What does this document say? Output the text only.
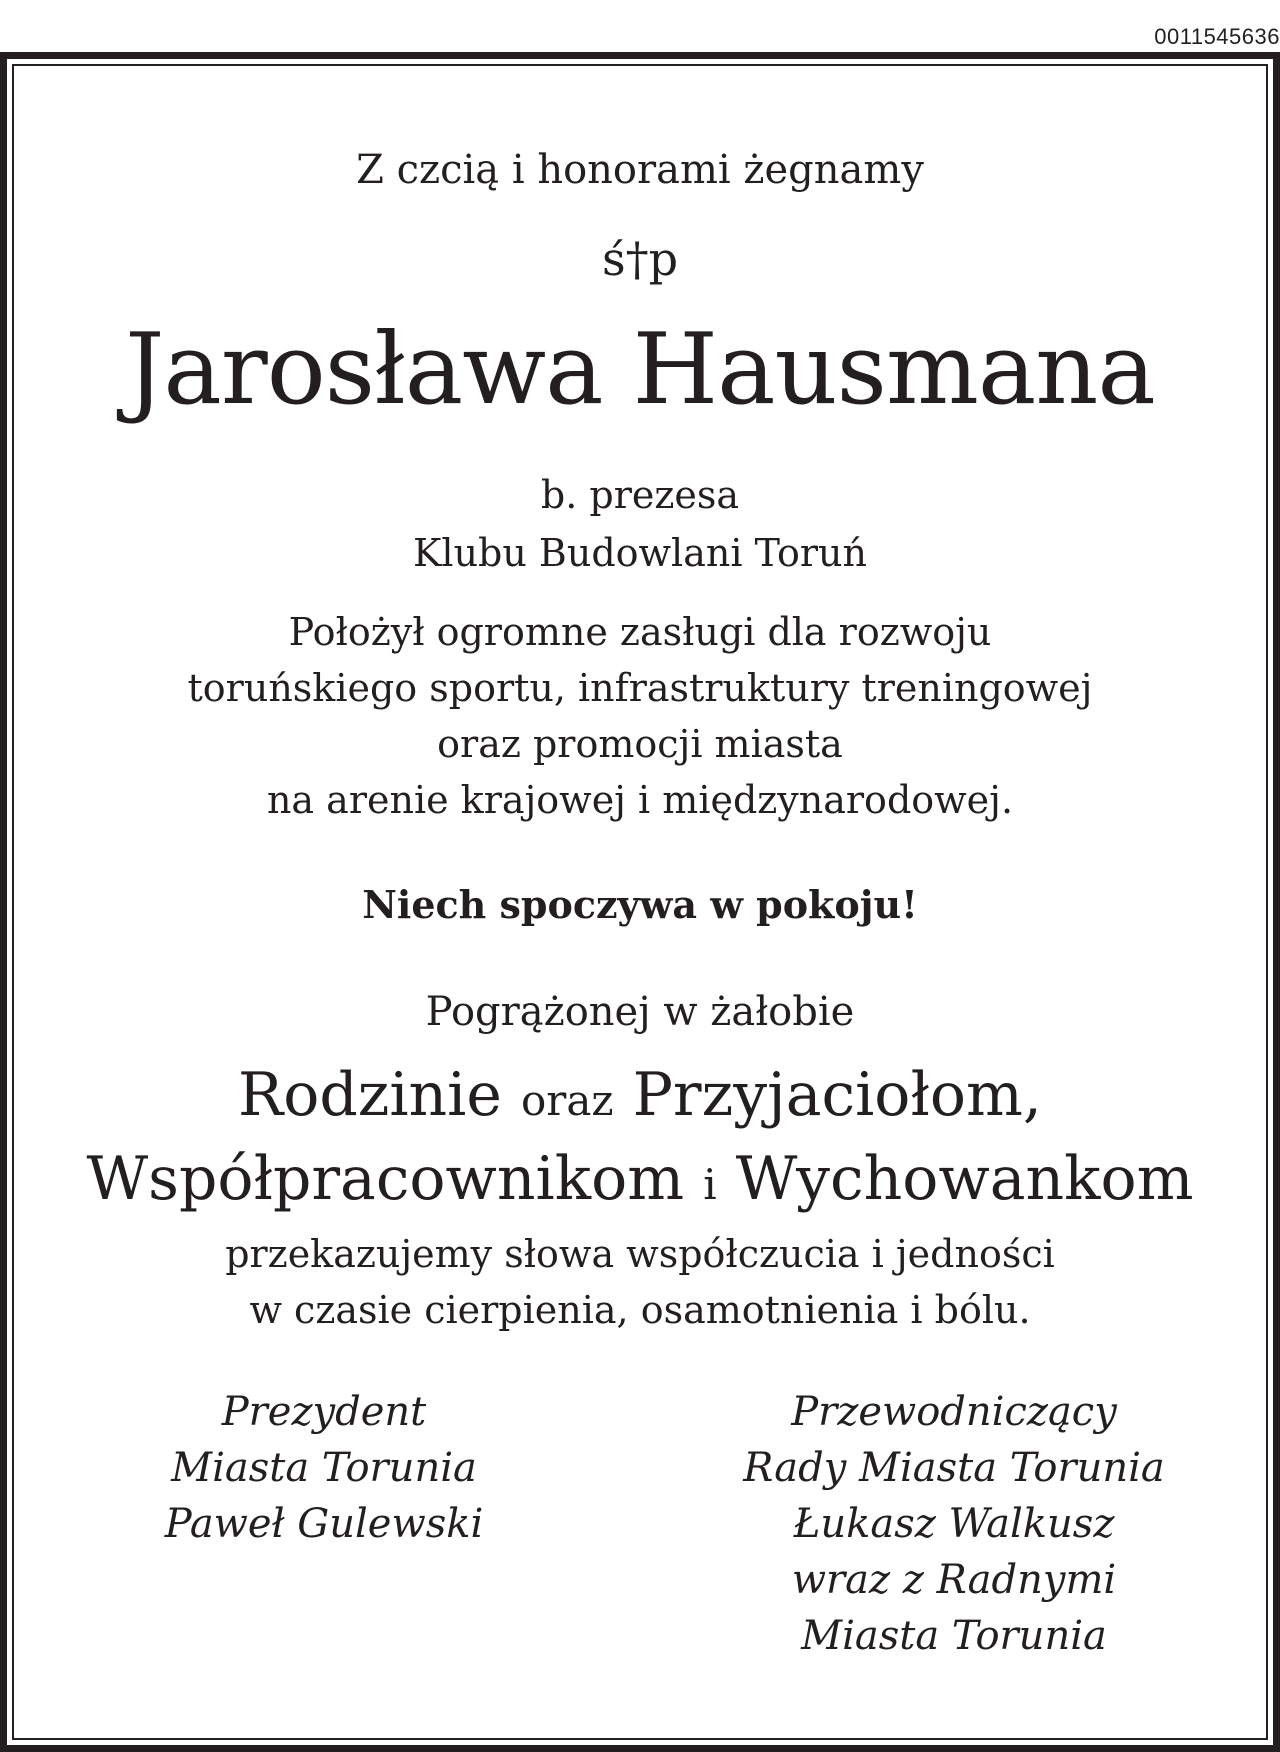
0011545636
Z czcią i honorami żegnamy
ś†p
Jarosława Hausmana
b. prezesa
Klubu Budowlani Toruń
Położył ogromne zasługi dla rozwoju
toruńskiego sportu, infrastruktury treningowej
oraz promocji miasta
na arenie krajowej i międzynarodowej.
Niech spoczywa w pokoju!
Pogrążonej w żałobie
Rodzinie oraz Przyjaciołom,
Współpracownikom i Wychowankom
przekazujemy słowa współczucia i jedności
w czasie cierpienia, osamotnienia i bólu.
Prezydent
Miasta Torunia
Paweł Gulewski
Przewodniczący
Rady Miasta Torunia
Łukasz Walkusz
wraz z Radnymi
Miasta Torunia
